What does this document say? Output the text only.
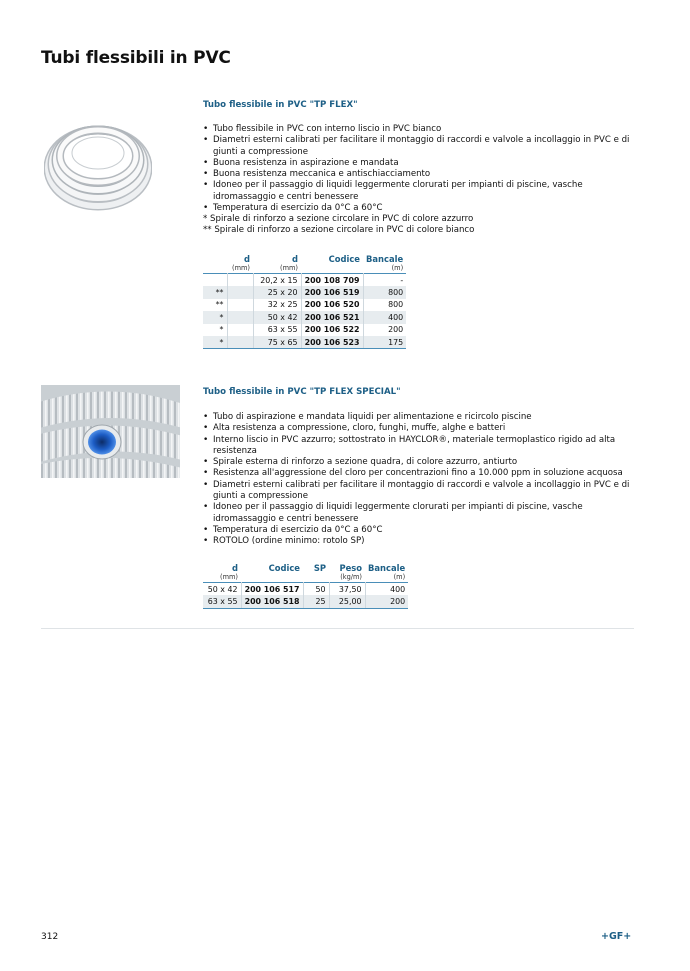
Tubi flessibili in PVC
Tubo flessibile in PVC "TP FLEX"
• Tubo flessibile in PVC con interno liscio in PVC bianco
• Diametri esterni calibrati per facilitare il montaggio di raccordi e valvole a incollaggio in PVC e di giunti a compressione
• Buona resistenza in aspirazione e mandata
• Buona resistenza meccanica e antischiacciamento
• Idoneo per il passaggio di liquidi leggermente clorurati per impianti di piscine, vasche idromassaggio e centri benessere
• Temperatura di esercizio da 0°C a 60°C
* Spirale di rinforzo a sezione circolare in PVC di colore azzurro
** Spirale di rinforzo a sezione circolare in PVC di colore bianco
	d	d	Codice	Bancale
	(mm)	(mm)		(m)
		20,2 x 15	200 108 709	-
**		25 x 20	200 106 519	800
**		32 x 25	200 106 520	800
*		50 x 42	200 106 521	400
*		63 x 55	200 106 522	200
*		75 x 65	200 106 523	175
Tubo flessibile in PVC "TP FLEX SPECIAL"
• Tubo di aspirazione e mandata liquidi per alimentazione e ricircolo piscine
• Alta resistenza a compressione, cloro, funghi, muffe, alghe e batteri
• Interno liscio in PVC azzurro; sottostrato in HAYCLOR®, materiale termoplastico rigido ad alta resistenza
• Spirale esterna di rinforzo a sezione quadra, di colore azzurro, antiurto
• Resistenza all'aggressione del cloro per concentrazioni fino a 10.000 ppm in soluzione acquosa
• Diametri esterni calibrati per facilitare il montaggio di raccordi e valvole a incollaggio in PVC e di giunti a compressione
• Idoneo per il passaggio di liquidi leggermente clorurati per impianti di piscine, vasche idromassaggio e centri benessere
• Temperatura di esercizio da 0°C a 60°C
• ROTOLO (ordine minimo: rotolo SP)
d	Codice	SP	Peso	Bancale
(mm)			(kg/m)	(m)
50 x 42	200 106 517	50	37,50	400
63 x 55	200 106 518	25	25,00	200
312	+GF+
